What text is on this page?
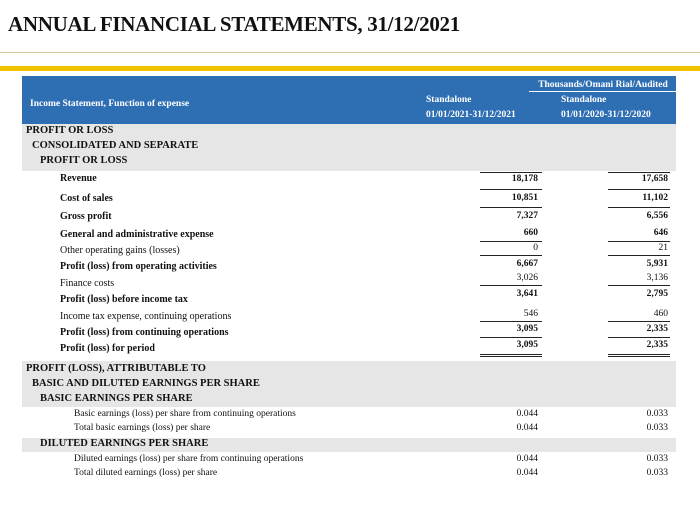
ANNUAL FINANCIAL STATEMENTS, 31/12/2021
Income Statement, Function of expense
Thousands/Omani Rial/Audited
Standalone
01/01/2021-31/12/2021
Standalone
01/01/2020-31/12/2020
PROFIT OR LOSS
CONSOLIDATED AND SEPARATE
PROFIT OR LOSS
Revenue	18,178	17,658
Cost of sales	10,851	11,102
Gross profit	7,327	6,556
General and administrative expense	660	646
Other operating gains (losses)	0	21
Profit (loss) from operating activities	6,667	5,931
Finance costs	3,026	3,136
Profit (loss) before income tax	3,641	2,795
Income tax expense, continuing operations	546	460
Profit (loss) from continuing operations	3,095	2,335
Profit (loss) for period	3,095	2,335
PROFIT (LOSS), ATTRIBUTABLE TO
BASIC AND DILUTED EARNINGS PER SHARE
BASIC EARNINGS PER SHARE
Basic earnings (loss) per share from continuing operations	0.044	0.033
Total basic earnings (loss) per share	0.044	0.033
DILUTED EARNINGS PER SHARE
Diluted earnings (loss) per share from continuing operations	0.044	0.033
Total diluted earnings (loss) per share	0.044	0.033
